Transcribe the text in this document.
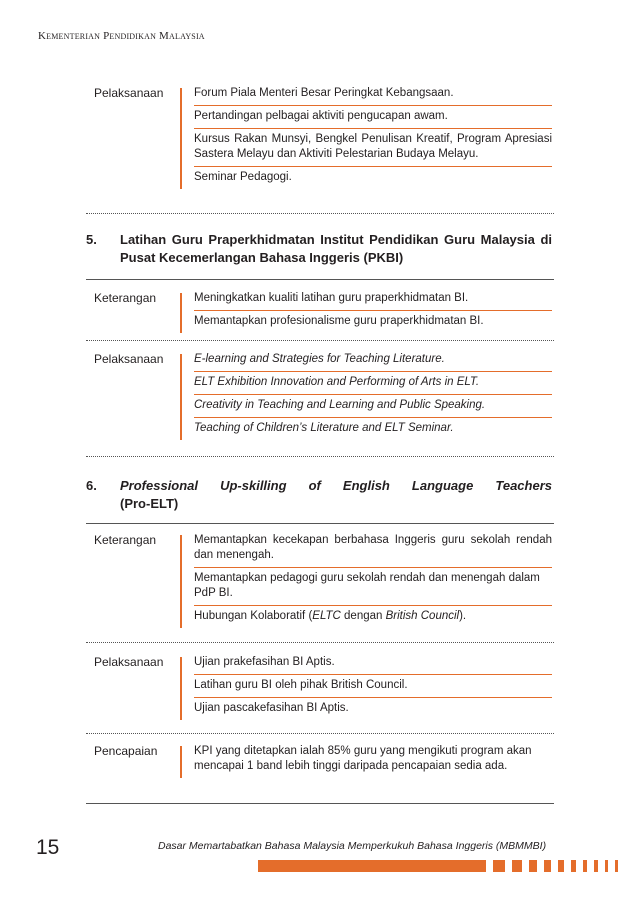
Kementerian Pendidikan Malaysia
Pelaksanaan	Forum Piala Menteri Besar Peringkat Kebangsaan.
Pertandingan pelbagai aktiviti pengucapan awam.
Kursus Rakan Munsyi, Bengkel Penulisan Kreatif, Program Apresiasi Sastera Melayu dan Aktiviti Pelestarian Budaya Melayu.
Seminar Pedagogi.
5.	Latihan Guru Praperkhidmatan Institut Pendidikan Guru Malaysia di Pusat Kecemerlangan Bahasa Inggeris (PKBI)
Keterangan	Meningkatkan kualiti latihan guru praperkhidmatan BI.
Memantapkan profesionalisme guru praperkhidmatan BI.
Pelaksanaan	E-learning and Strategies for Teaching Literature.
ELT Exhibition Innovation and Performing of Arts in ELT.
Creativity in Teaching and Learning and Public Speaking.
Teaching of Children’s Literature and ELT Seminar.
6.	Professional Up-skilling of English Language Teachers
(Pro-ELT)
Keterangan	Memantapkan kecekapan berbahasa Inggeris guru sekolah rendah dan menengah.
Memantapkan pedagogi guru sekolah rendah dan menengah dalam PdP BI.
Hubungan Kolaboratif (ELTC dengan British Council).
Pelaksanaan	Ujian prakefasihan BI Aptis.
Latihan guru BI oleh pihak British Council.
Ujian pascakefasihan BI Aptis.
Pencapaian	KPI yang ditetapkan ialah 85% guru yang mengikuti program akan mencapai 1 band lebih tinggi daripada pencapaian sedia ada.
15	Dasar Memartabatkan Bahasa Malaysia Memperkukuh Bahasa Inggeris (MBMMBI)
